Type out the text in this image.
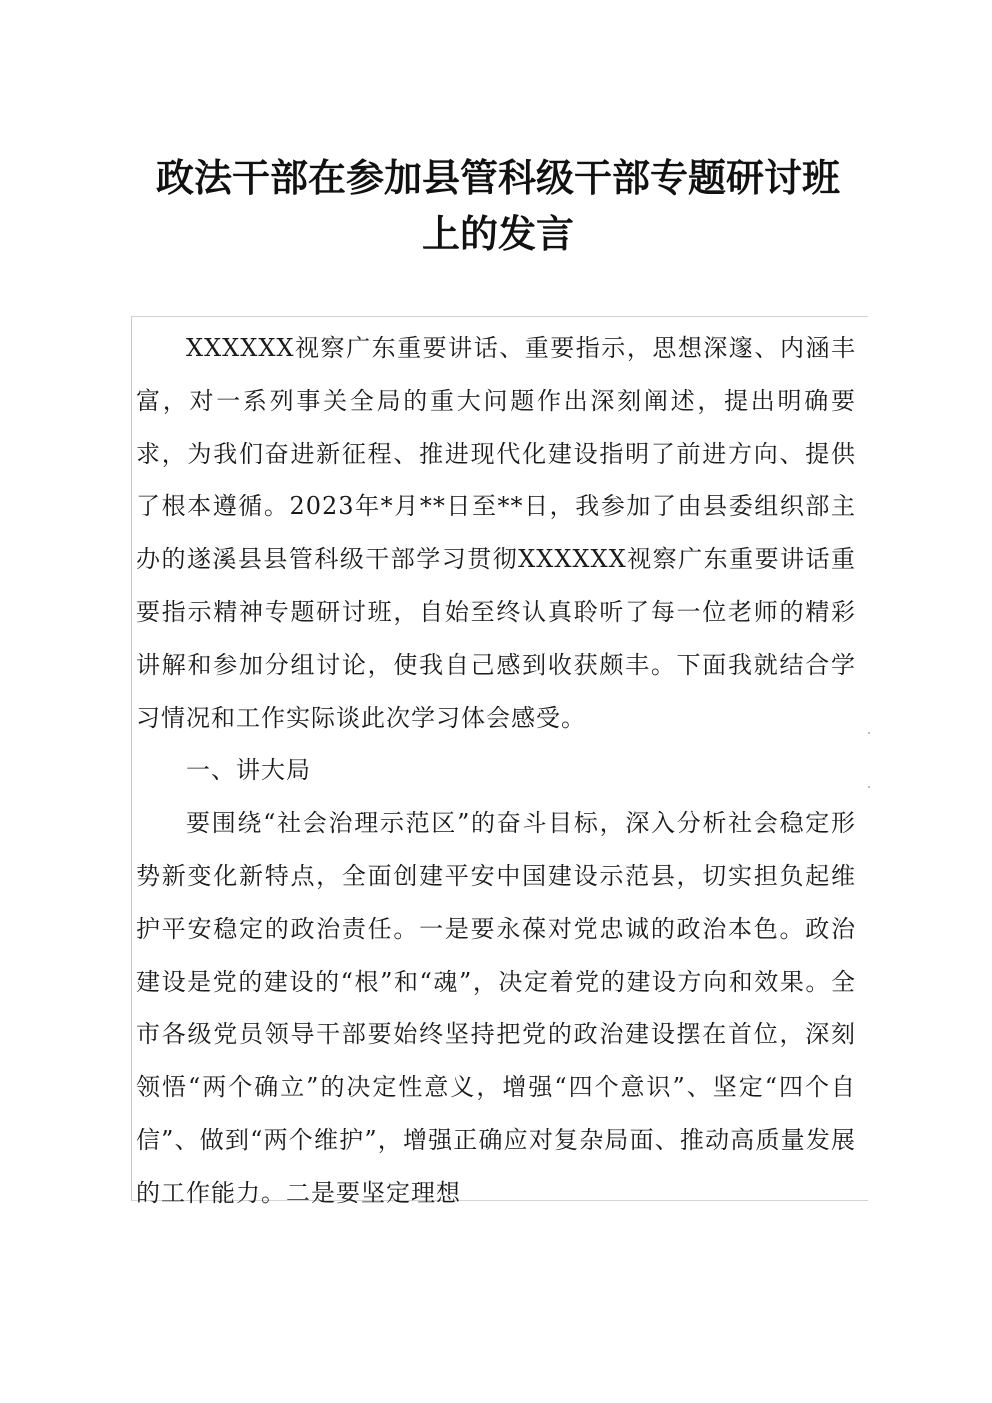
政法干部在参加县管科级干部专题研讨班上的发言

XXXXXX视察广东重要讲话、重要指示，思想深邃、内涵丰富，对一系列事关全局的重大问题作出深刻阐述，提出明确要求，为我们奋进新征程、推进现代化建设指明了前进方向、提供了根本遵循。2023年*月**日至**日，我参加了由县委组织部主办的遂溪县县管科级干部学习贯彻XXXXXX视察广东重要讲话重要指示精神专题研讨班，自始至终认真聆听了每一位老师的精彩讲解和参加分组讨论，使我自己感到收获颇丰。下面我就结合学习情况和工作实际谈此次学习体会感受。

一、讲大局

要围绕“社会治理示范区”的奋斗目标，深入分析社会稳定形势新变化新特点，全面创建平安中国建设示范县，切实担负起维护平安稳定的政治责任。一是要永葆对党忠诚的政治本色。政治建设是党的建设的“根”和“魂”，决定着党的建设方向和效果。全市各级党员领导干部要始终坚持把党的政治建设摆在首位，深刻领悟“两个确立”的决定性意义，增强“四个意识”、坚定“四个自信”、做到“两个维护”，增强正确应对复杂局面、推动高质量发展的工作能力。二是要坚定理想
